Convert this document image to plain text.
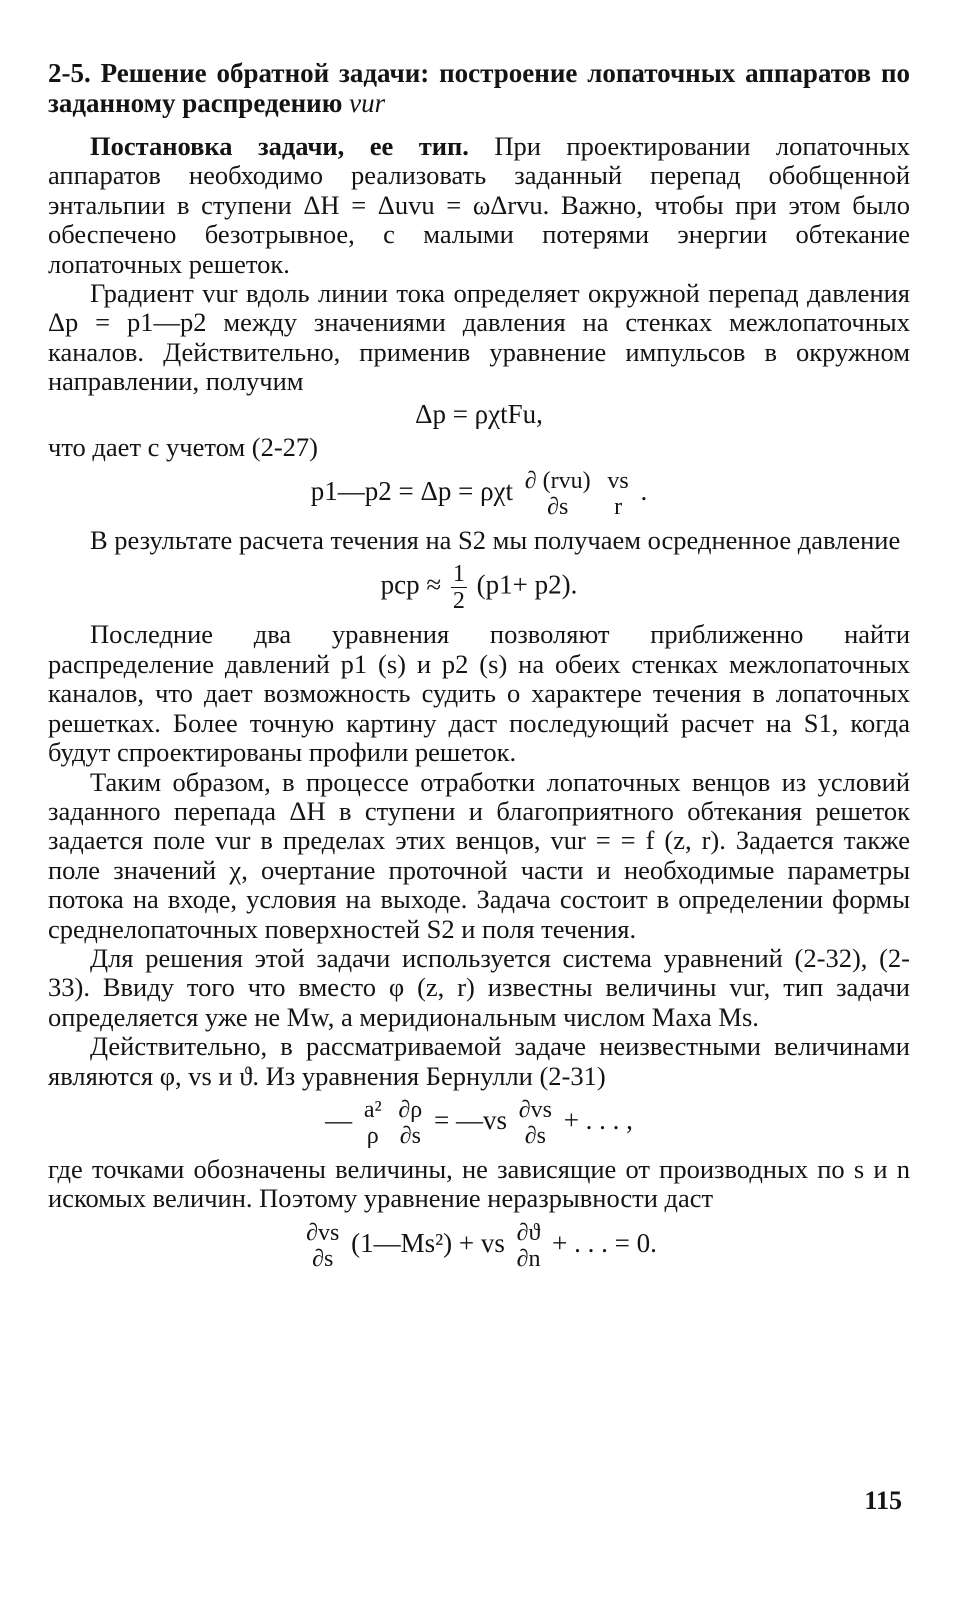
2-5. Решение обратной задачи: построение лопаточных аппаратов по заданному распредению vur

Постановка задачи, ее тип. При проектировании лопаточных аппаратов необходимо реализовать заданный перепад обобщенной энтальпии в ступени ΔH = Δuvu = ωΔrvu. Важно, чтобы при этом было обеспечено безотрывное, с малыми потерями энергии обтекание лопаточных решеток.

Градиент vur вдоль линии тока определяет окружной перепад давления Δp = p1—p2 между значениями давления на стенках межлопаточных каналов. Действительно, применив уравнение импульсов в окружном направлении, получим

Δp = ρχtFu,

что дает с учетом (2-27)

p1—p2 = Δp = ρχt ∂ (rvu)
∂s

vs
r
.

В результате расчета течения на S2 мы получаем осредненное давление

pср ≈ $\frac{1}{2} (p1+ p2)$.

Последние два уравнения позволяют приближенно найти распределение давлений p1 (s) и p2 (s) на обеих стенках межлопаточных каналов, что дает возможность судить о характере течения в лопаточных решетках. Более точную картину даст последующий расчет на S1, когда будут спроектированы профили решеток.

Таким образом, в процессе отработки лопаточных венцов из условий заданного перепада ΔH в ступени и благоприятного обтекания решеток задается поле vur в пределах этих венцов, vur = = f (z, r). Задается также поле значений χ, очертание проточной части и необходимые параметры потока на входе, условия на выходе. Задача состоит в определении формы среднелопаточных поверхностей S2 и поля течения.

Для решения этой задачи используется система уравнений (2-32), (2-33). Ввиду того что вместо φ (z, r) известны величины vur, тип задачи определяется уже не Mw, а меридиональным числом Маха Ms.

Действительно, в рассматриваемой задаче неизвестными величинами являются φ, vs и ϑ. Из уравнения Бернулли (2-31)

— a²
ρ

∂ρ
∂s
= —vs ∂vs
∂s
+ . . . ,

где точками обозначены величины, не зависящие от производных по s и n искомых величин. Поэтому уравнение неразрывности даст

∂vs
∂s
(1—Ms²) + vs ∂ϑ
∂n
+ . . . = 0.
115
